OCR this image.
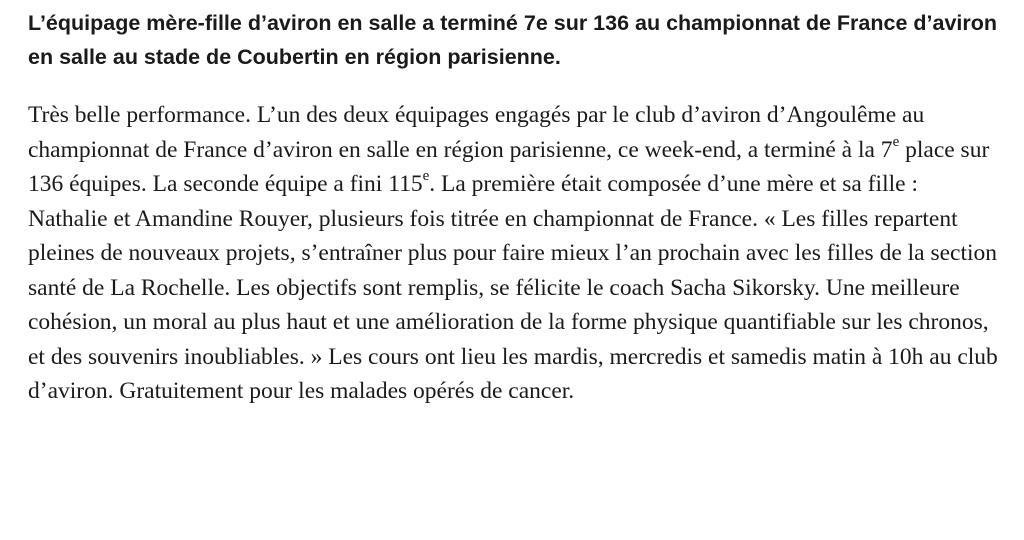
L’équipage mère-fille d’aviron en salle a terminé 7e sur 136 au championnat de France d’aviron en salle au stade de Coubertin en région parisienne.

Très belle performance. L’un des deux équipages engagés par le club d’aviron d’Angoulême au championnat de France d’aviron en salle en région parisienne, ce week-end, a terminé à la 7e place sur 136 équipes. La seconde équipe a fini 115e. La première était composée d’une mère et sa fille : Nathalie et Amandine Rouyer, plusieurs fois titrée en championnat de France. « Les filles repartent pleines de nouveaux projets, s’entraîner plus pour faire mieux l’an prochain avec les filles de la section santé de La Rochelle. Les objectifs sont remplis, se félicite le coach Sacha Sikorsky. Une meilleure cohésion, un moral au plus haut et une amélioration de la forme physique quantifiable sur les chronos, et des souvenirs inoubliables. » Les cours ont lieu les mardis, mercredis et samedis matin à 10h au club d’aviron. Gratuitement pour les malades opérés de cancer.
